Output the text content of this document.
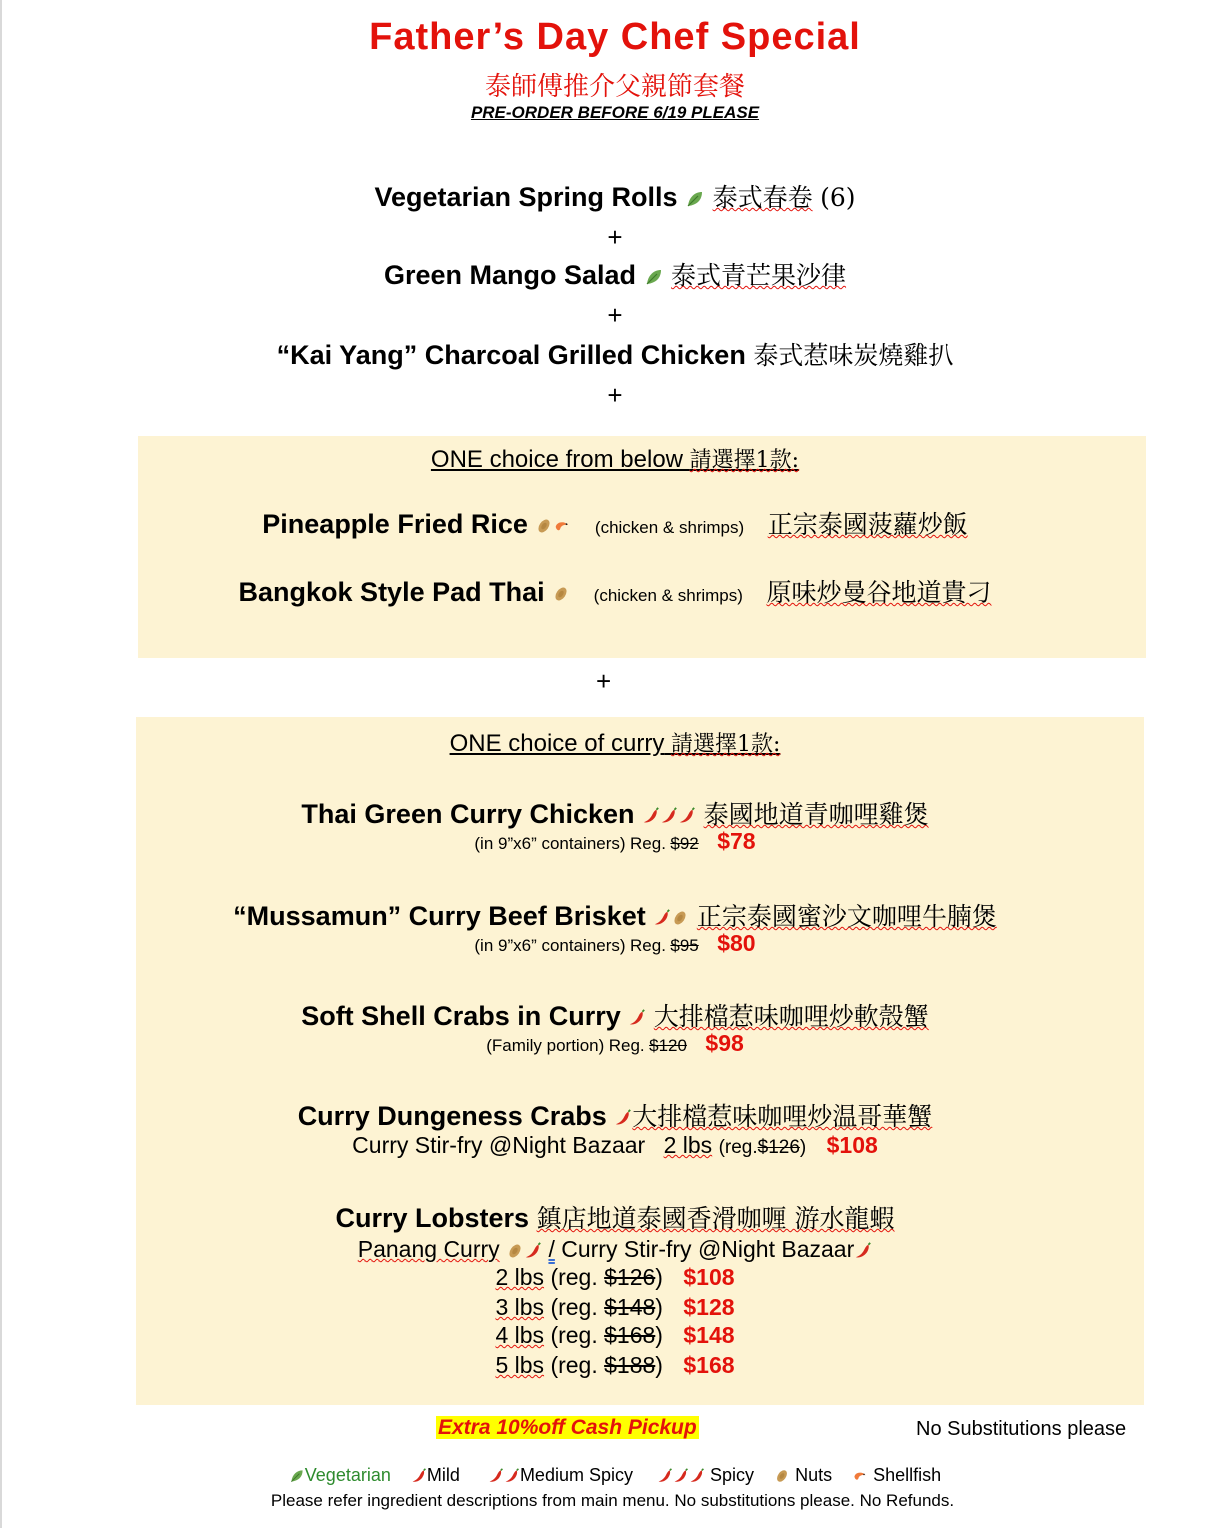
Father’s Day Chef Special
泰師傅推介父親節套餐
PRE-ORDER BEFORE 6/19 PLEASE
Vegetarian Spring Rolls 泰式春卷 (6)
+
Green Mango Salad 泰式青芒果沙律
+
“Kai Yang” Charcoal Grilled Chicken 泰式惹味炭燒雞扒
+
ONE choice from below 請選擇1款:
Pineapple Fried Rice	(chicken & shrimps) 正宗泰國菠蘿炒飯
Bangkok Style Pad Thai	(chicken & shrimps) 原味炒曼谷地道貴刁
+
ONE choice of curry 請選擇1款:
Thai Green Curry Chicken	泰國地道青咖哩雞煲
(in 9”x6” containers) Reg. $92 $78
“Mussamun” Curry Beef Brisket 正宗泰國蜜沙文咖哩牛腩煲
(in 9”x6” containers) Reg. $95 $80
Soft Shell Crabs in Curry 大排檔惹味咖哩炒軟殼蟹
(Family portion) Reg. $120 $98
Curry Dungeness Crabs 大排檔惹味咖哩炒温哥華蟹
Curry Stir-fry @Night Bazaar 2 lbs (reg.$126) $108
Curry Lobsters 鎮店地道泰國香滑咖喱 游水龍蝦
Panang Curry / Curry Stir-fry @Night Bazaar
2 lbs (reg. $126) $108
3 lbs (reg. $148) $128
4 lbs (reg. $168) $148
5 lbs (reg. $188) $168
Extra 10%off Cash Pickup	No Substitutions please
Vegetarian Mild	Medium Spicy	Spicy Nuts Shellfish
Please refer ingredient descriptions from main menu. No substitutions please. No Refunds.
